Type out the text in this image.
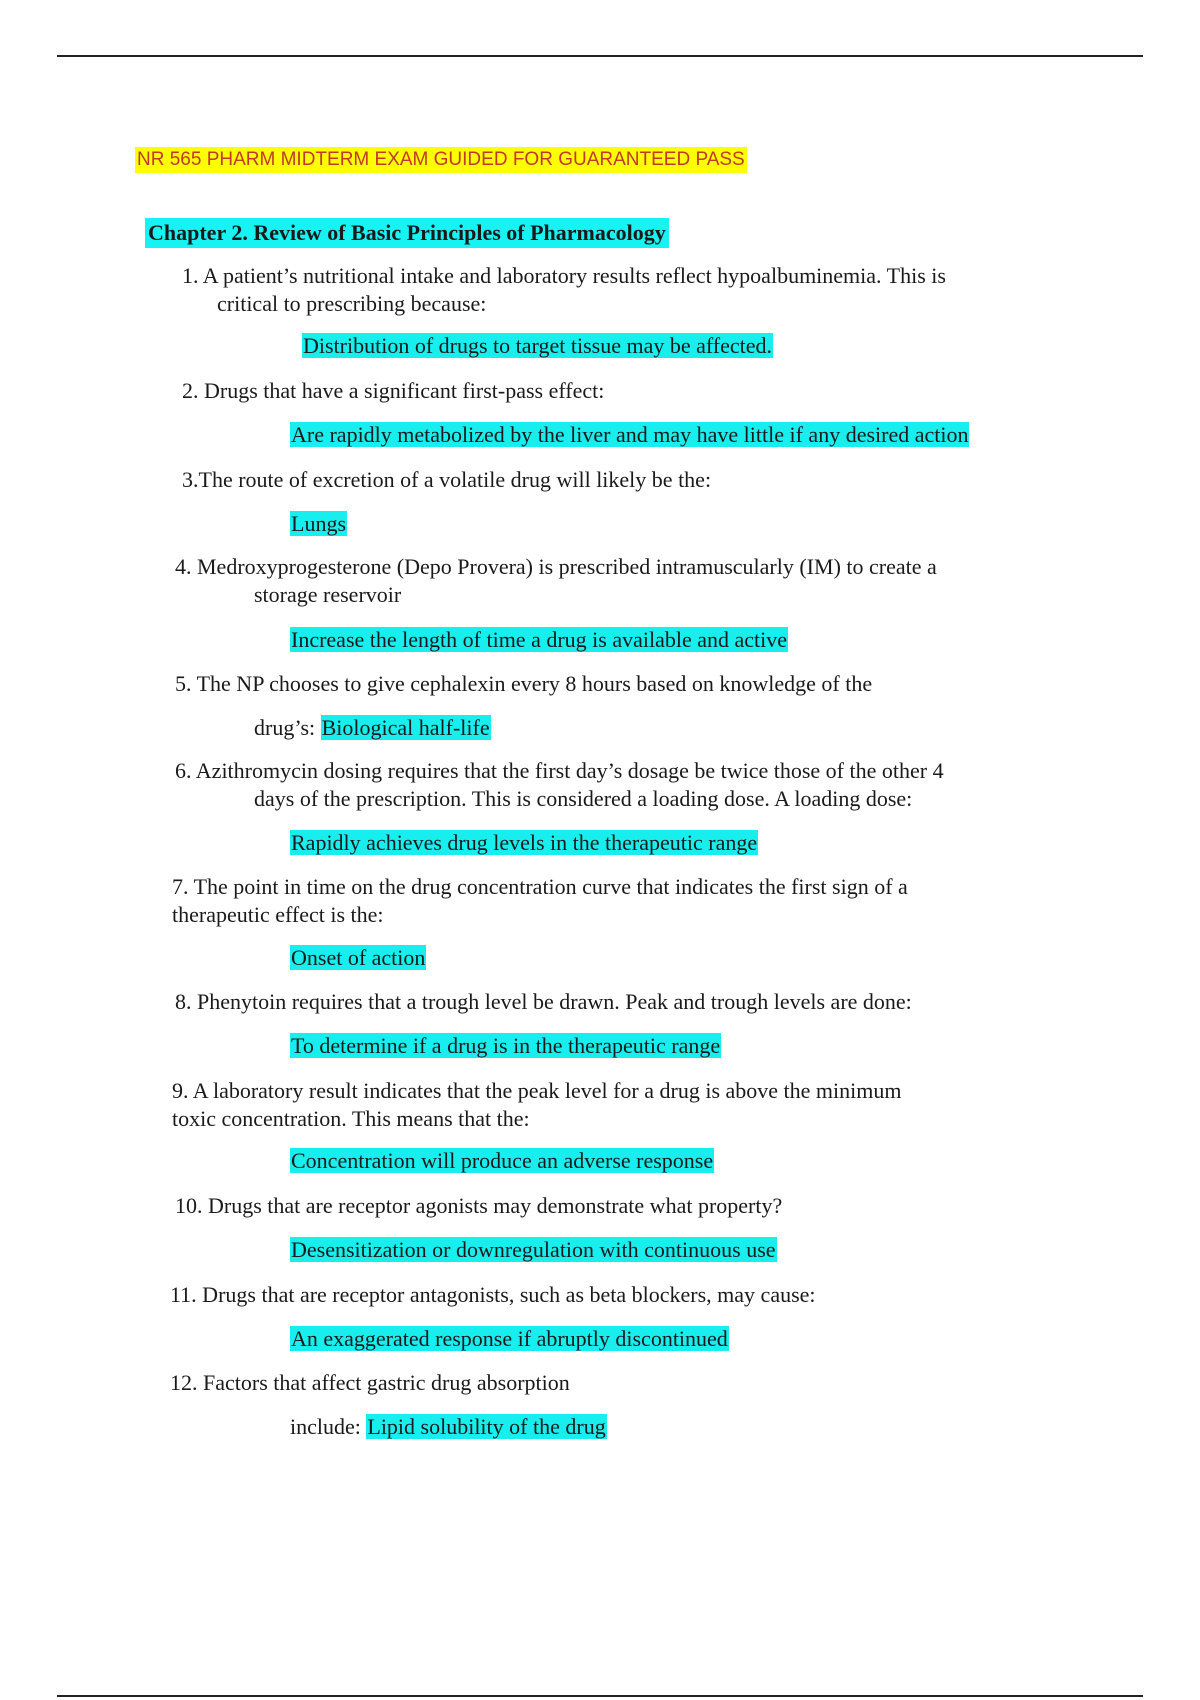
NR 565 PHARM MIDTERM EXAM GUIDED FOR GUARANTEED PASS
Chapter 2. Review of Basic Principles of Pharmacology
1. A patient’s nutritional intake and laboratory results reflect hypoalbuminemia. This is
critical to prescribing because:
Distribution of drugs to target tissue may be affected.
2. Drugs that have a significant first-pass effect:
Are rapidly metabolized by the liver and may have little if any desired action
3.The route of excretion of a volatile drug will likely be the:
Lungs
4. Medroxyprogesterone (Depo Provera) is prescribed intramuscularly (IM) to create a
storage reservoir
Increase the length of time a drug is available and active
5. The NP chooses to give cephalexin every 8 hours based on knowledge of the
drug’s: Biological half-life
6. Azithromycin dosing requires that the first day’s dosage be twice those of the other 4
days of the prescription. This is considered a loading dose. A loading dose:
Rapidly achieves drug levels in the therapeutic range
7. The point in time on the drug concentration curve that indicates the first sign of a
therapeutic effect is the:
Onset of action
8. Phenytoin requires that a trough level be drawn. Peak and trough levels are done:
To determine if a drug is in the therapeutic range
9. A laboratory result indicates that the peak level for a drug is above the minimum
toxic concentration. This means that the:
Concentration will produce an adverse response
10. Drugs that are receptor agonists may demonstrate what property?
Desensitization or downregulation with continuous use
11. Drugs that are receptor antagonists, such as beta blockers, may cause:
An exaggerated response if abruptly discontinued
12. Factors that affect gastric drug absorption
include: Lipid solubility of the drug
